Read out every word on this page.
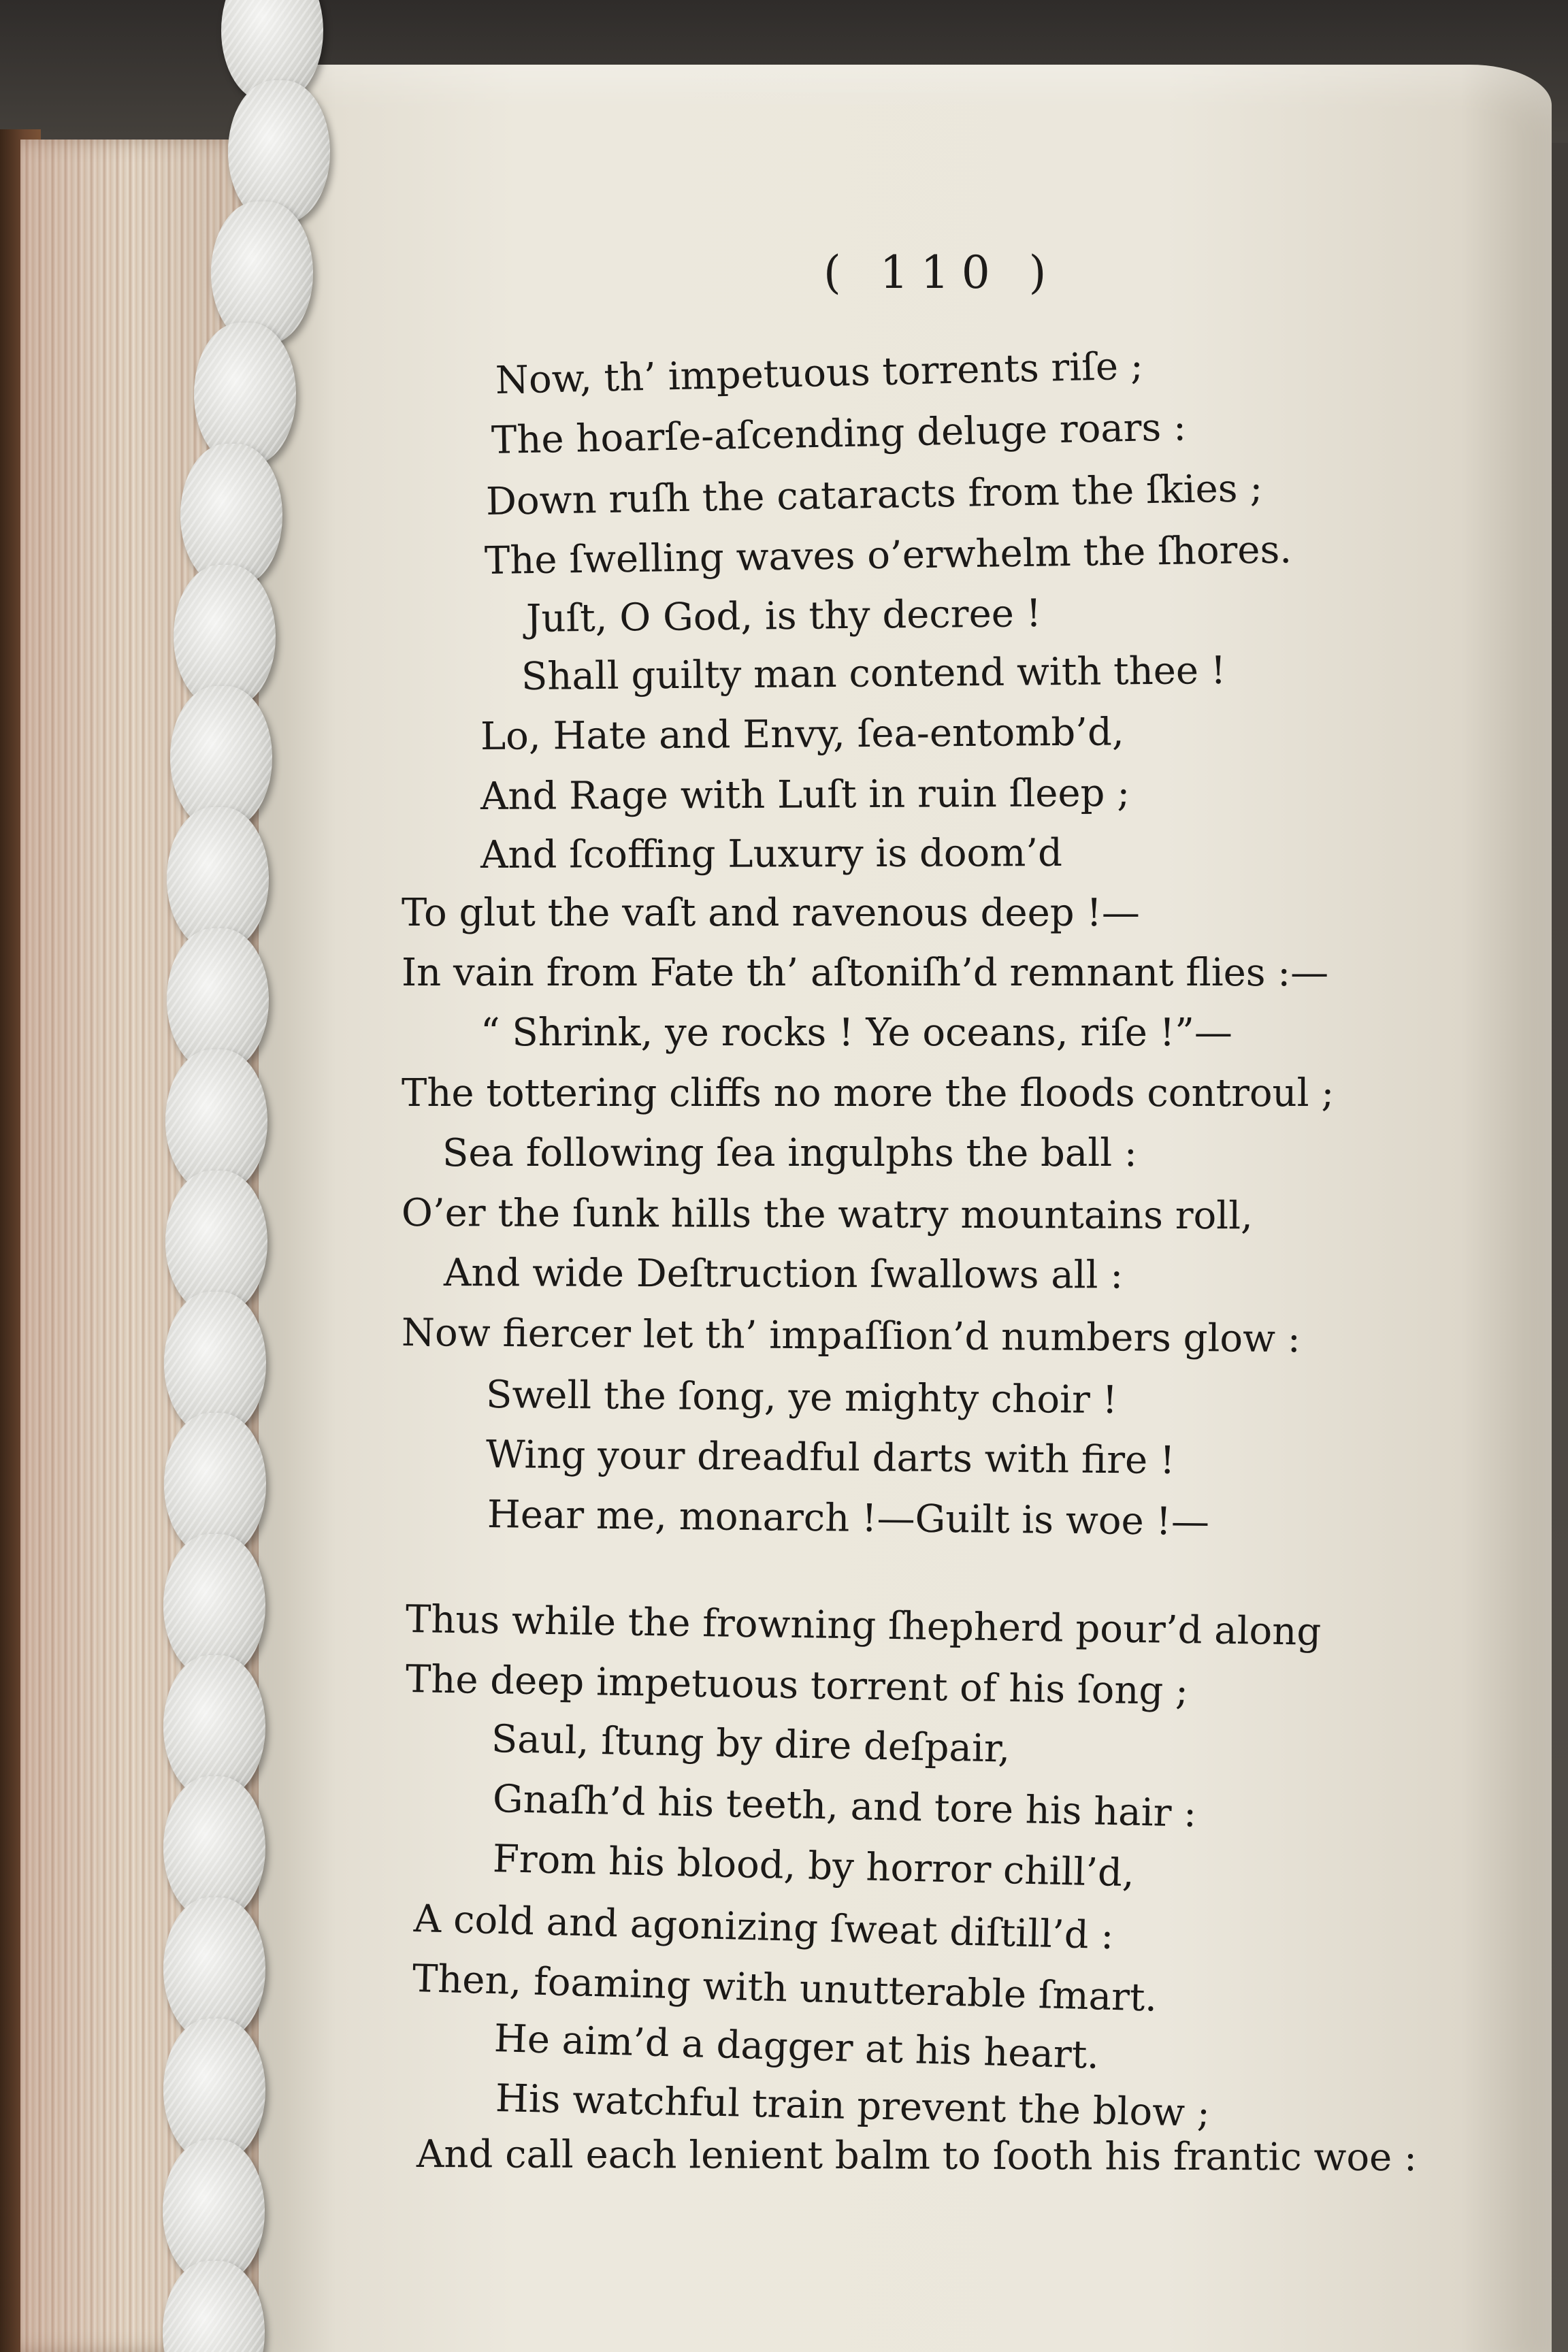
( 110 )
Now, th’ impetuous torrents riſe ;
The hoarſe-aſcending deluge roars :
Down ruſh the cataracts from the ſkies ;
The ſwelling waves o’erwhelm the ſhores.
Juſt, O God, is thy decree !
Shall guilty man contend with thee !
Lo, Hate and Envy, ſea-entomb’d,
And Rage with Luſt in ruin ſleep ;
And ſcoffing Luxury is doom’d
To glut the vaſt and ravenous deep !—
In vain from Fate th’ aſtoniſh’d remnant flies :—
“ Shrink, ye rocks ! Ye oceans, riſe !”—
The tottering cliffs no more the floods controul ;
Sea following ſea ingulphs the ball :
O’er the ſunk hills the watry mountains roll,
And wide Deſtruction ſwallows all :
Now fiercer let th’ impaſſion’d numbers glow :
Swell the ſong, ye mighty choir !
Wing your dreadful darts with fire !
Hear me, monarch !—Guilt is woe !—
Thus while the frowning ſhepherd pour’d along
The deep impetuous torrent of his ſong ;
Saul, ſtung by dire deſpair,
Gnaſh’d his teeth, and tore his hair :
From his blood, by horror chill’d,
A cold and agonizing ſweat diſtill’d :
Then, foaming with unutterable ſmart.
He aim’d a dagger at his heart.
His watchful train prevent the blow ;
And call each lenient balm to ſooth his frantic woe :
